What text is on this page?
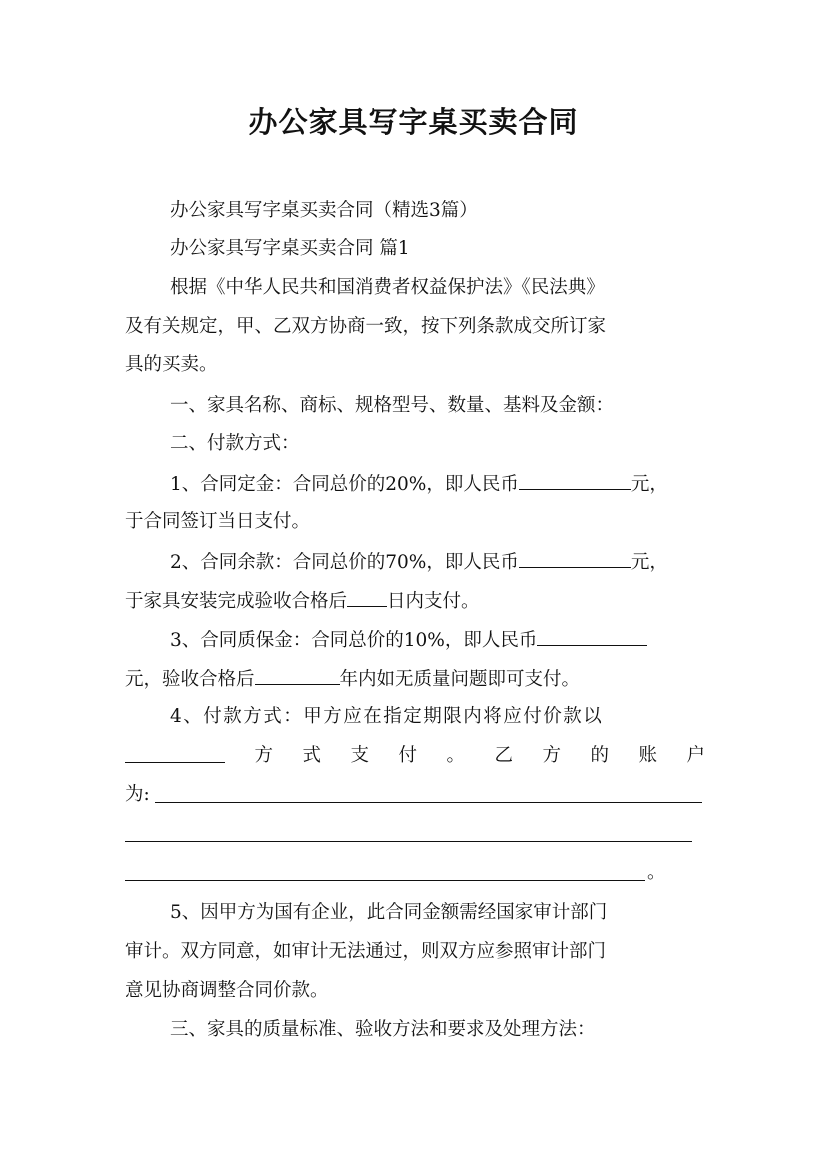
办公家具写字桌买卖合同
办公家具写字桌买卖合同（精选3篇）
办公家具写字桌买卖合同 篇1
根据《中华人民共和国消费者权益保护法》《民法典》
及有关规定，甲、乙双方协商一致，按下列条款成交所订家
具的买卖。
一、家具名称、商标、规格型号、数量、基料及金额：
二、付款方式：
1、合同定金：合同总价的20%，即人民币	元，
于合同签订当日支付。
2、合同余款：合同总价的70%，即人民币	元，
于家具安装完成验收合格后 日内支付。
3、合同质保金：合同总价的10%，即人民币
元，验收合格后	年内如无质量问题即可支付。
4、付款方式：甲方应在指定期限内将应付价款以
方 式 支 付 。 乙 方 的 账 户
为:
。
5、因甲方为国有企业，此合同金额需经国家审计部门
审计。双方同意，如审计无法通过，则双方应参照审计部门
意见协商调整合同价款。
三、家具的质量标准、验收方法和要求及处理方法：
